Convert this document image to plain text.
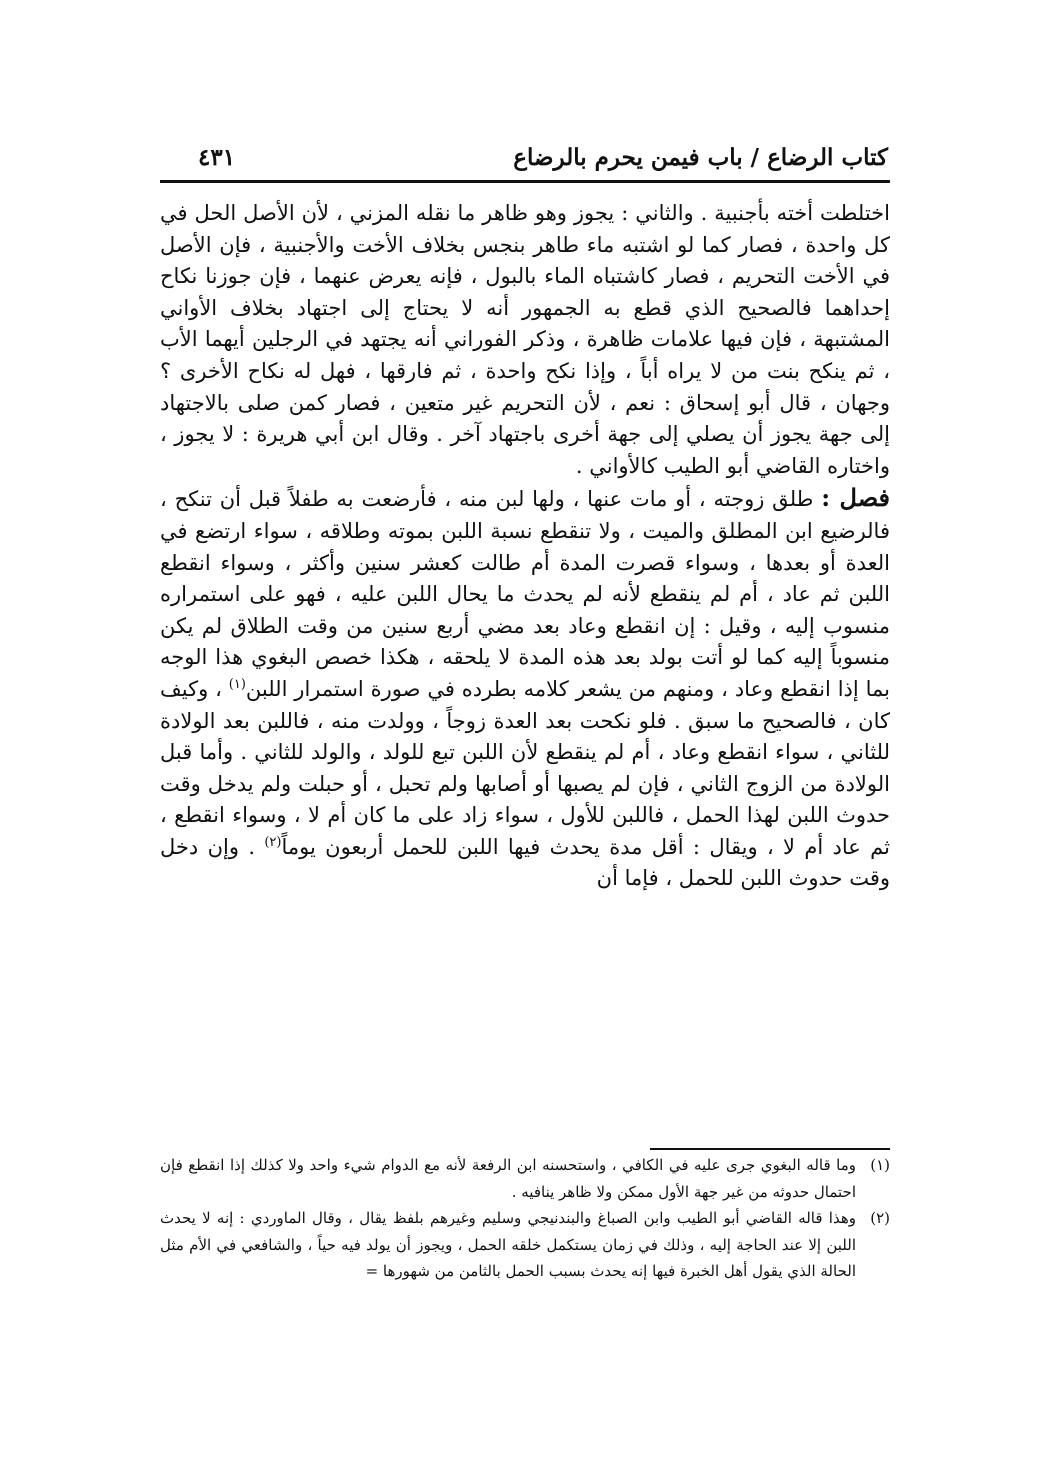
كتاب الرضاع / باب فيمن يحرم بالرضاع
٤٣١

اختلطت أخته بأجنبية . والثاني : يجوز وهو ظاهر ما نقله المزني ، لأن الأصل الحل في كل واحدة ، فصار كما لو اشتبه ماء طاهر بنجس بخلاف الأخت والأجنبية ، فإن الأصل في الأخت التحريم ، فصار كاشتباه الماء بالبول ، فإنه يعرض عنهما ، فإن جوزنا نكاح إحداهما فالصحيح الذي قطع به الجمهور أنه لا يحتاج إلى اجتهاد بخلاف الأواني المشتبهة ، فإن فيها علامات ظاهرة ، وذكر الفوراني أنه يجتهد في الرجلين أيهما الأب ، ثم ينكح بنت من لا يراه أباً ، وإذا نكح واحدة ، ثم فارقها ، فهل له نكاح الأخرى ؟ وجهان ، قال أبو إسحاق : نعم ، لأن التحريم غير متعين ، فصار كمن صلى بالاجتهاد إلى جهة يجوز أن يصلي إلى جهة أخرى باجتهاد آخر . وقال ابن أبي هريرة : لا يجوز ، واختاره القاضي أبو الطيب كالأواني .

فصل : طلق زوجته ، أو مات عنها ، ولها لبن منه ، فأرضعت به طفلاً قبل أن تنكح ، فالرضيع ابن المطلق والميت ، ولا تنقطع نسبة اللبن بموته وطلاقه ، سواء ارتضع في العدة أو بعدها ، وسواء قصرت المدة أم طالت كعشر سنين وأكثر ، وسواء انقطع اللبن ثم عاد ، أم لم ينقطع لأنه لم يحدث ما يحال اللبن عليه ، فهو على استمراره منسوب إليه ، وقيل : إن انقطع وعاد بعد مضي أربع سنين من وقت الطلاق لم يكن منسوباً إليه كما لو أتت بولد بعد هذه المدة لا يلحقه ، هكذا خصص البغوي هذا الوجه بما إذا انقطع وعاد ، ومنهم من يشعر كلامه بطرده في صورة استمرار اللبن$^{(١)}$ ، وكيف كان ، فالصحيح ما سبق . فلو نكحت بعد العدة زوجاً ، وولدت منه ، فاللبن بعد الولادة للثاني ، سواء انقطع وعاد ، أم لم ينقطع لأن اللبن تبع للولد ، والولد للثاني . وأما قبل الولادة من الزوج الثاني ، فإن لم يصبها أو أصابها ولم تحبل ، أو حبلت ولم يدخل وقت حدوث اللبن لهذا الحمل ، فاللبن للأول ، سواء زاد على ما كان أم لا ، وسواء انقطع ، ثم عاد أم لا ، ويقال : أقل مدة يحدث فيها اللبن للحمل أربعون يوماً$^{(٢)}$ . وإن دخل وقت حدوث اللبن للحمل ، فإما أن

(١)
وما قاله البغوي جرى عليه في الكافي ، واستحسنه ابن الرفعة لأنه مع الدوام شيء واحد ولا كذلك إذا انقطع فإن احتمال حدوثه من غير جهة الأول ممكن ولا ظاهر ينافيه .
(٢)
وهذا قاله القاضي أبو الطيب وابن الصباغ والبندنيجي وسليم وغيرهم بلفظ يقال ، وقال الماوردي : إنه لا يحدث اللبن إلا عند الحاجة إليه ، وذلك في زمان يستكمل خلقه الحمل ، ويجوز أن يولد فيه حياً ، والشافعي في الأم مثل الحالة الذي يقول أهل الخبرة فيها إنه يحدث بسبب الحمل بالثامن من شهورها =
